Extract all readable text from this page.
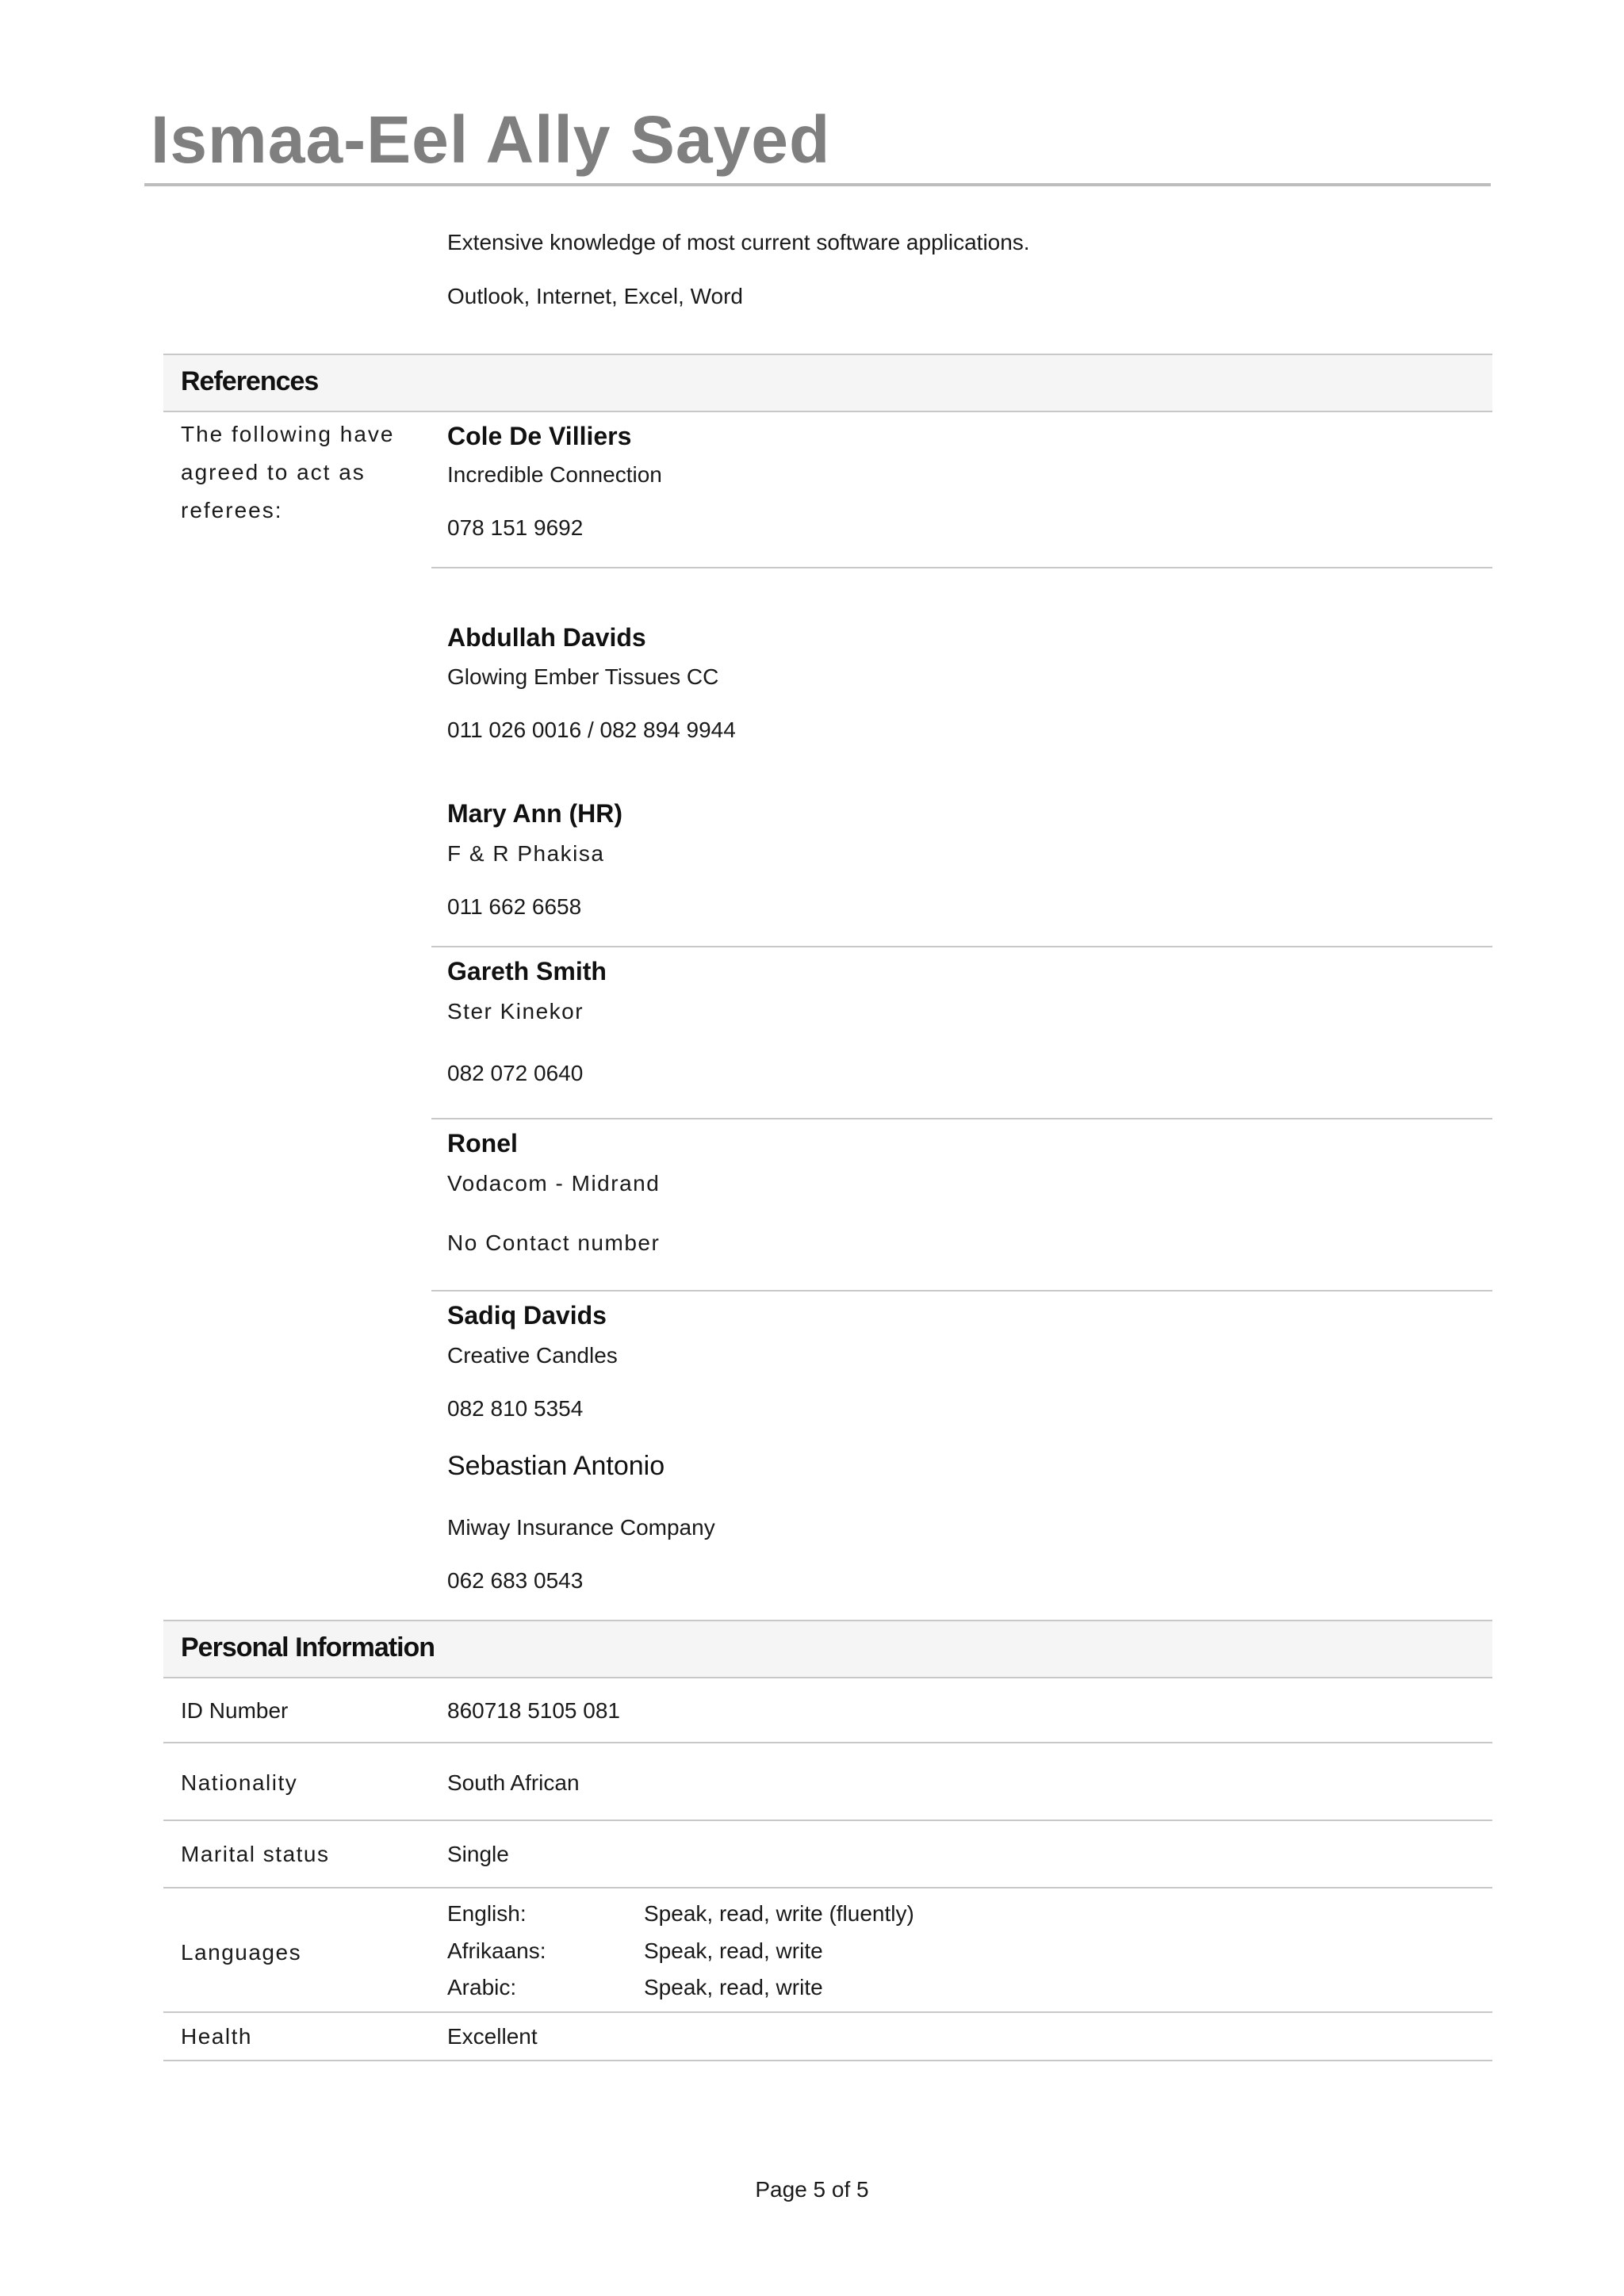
Ismaa-Eel Ally Sayed
Extensive knowledge of most current software applications.
Outlook, Internet, Excel, Word
References
The following have agreed to act as referees:
Cole De Villiers
Incredible Connection
078 151 9692
Abdullah Davids
Glowing Ember Tissues CC
011 026 0016 / 082 894 9944
Mary Ann (HR)
F & R Phakisa
011 662 6658
Gareth Smith
Ster Kinekor
082 072 0640
Ronel
Vodacom - Midrand
No Contact number
Sadiq Davids
Creative Candles
082 810 5354
Sebastian Antonio
Miway Insurance Company
062 683 0543
Personal Information
ID Number	860718 5105 081
Nationality	South African
Marital status	Single
Languages
English:	Speak, read, write (fluently)
Afrikaans:	Speak, read, write
Arabic:	Speak, read, write
Health	Excellent
Page 5 of 5
